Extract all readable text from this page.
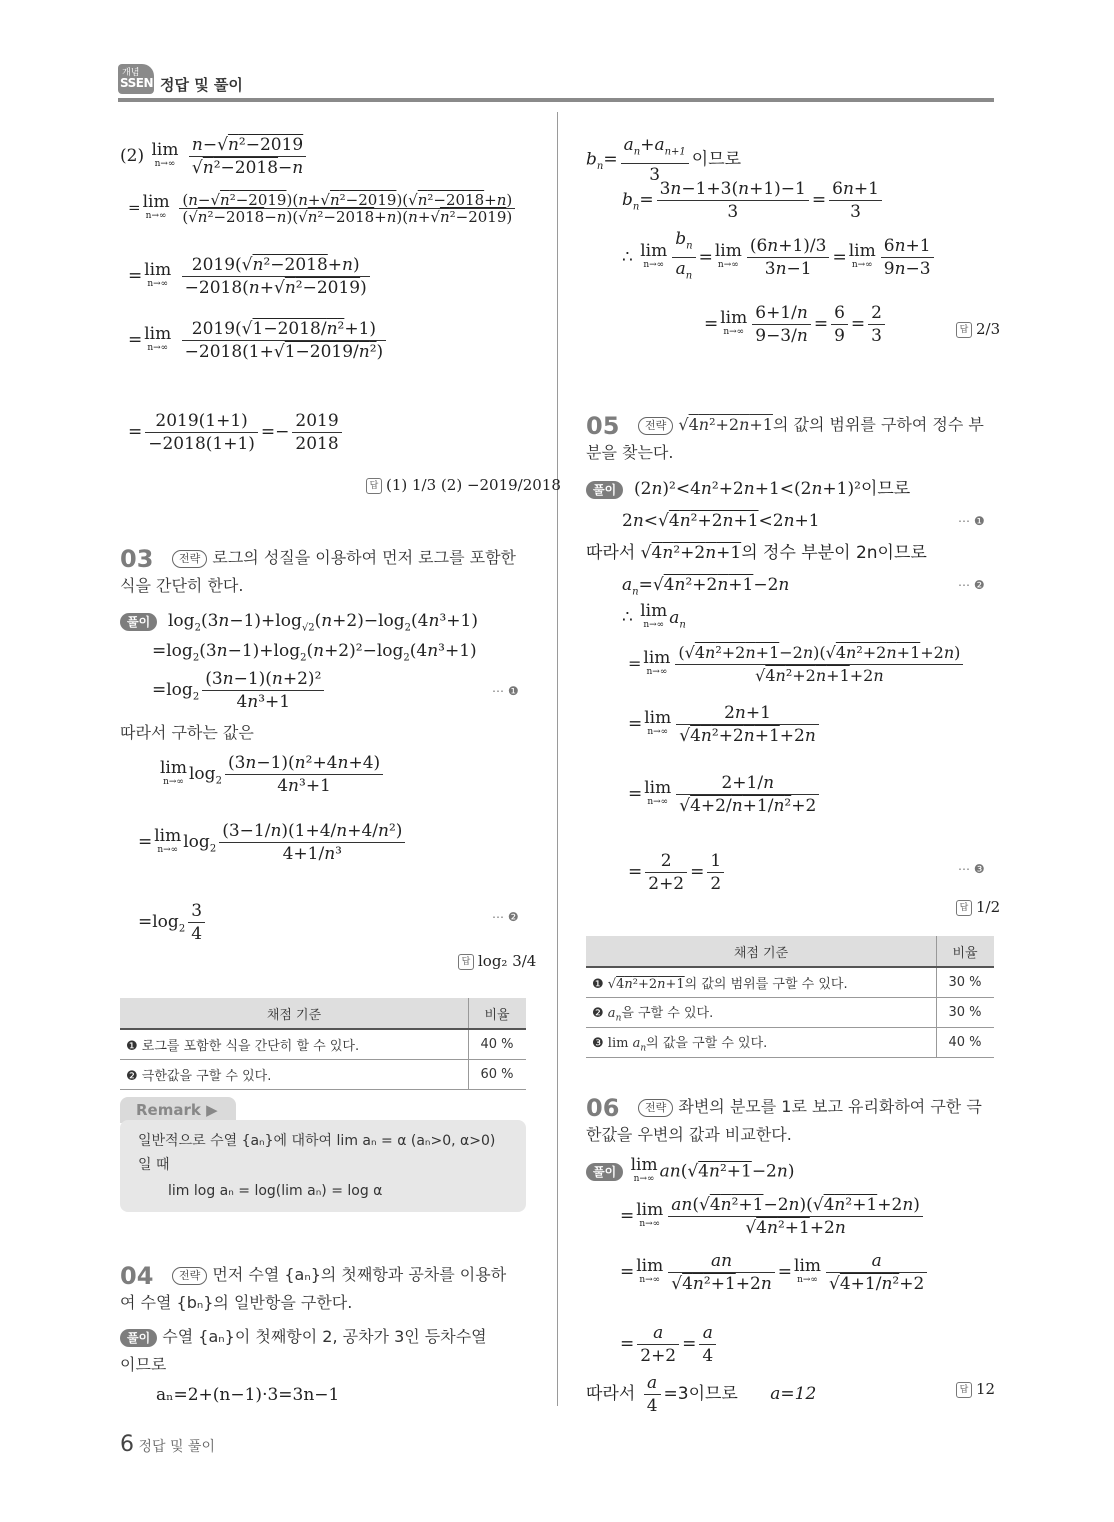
개념
SSEN 정답 및 풀이
(2) lim
n→∞
$\frac{\text{n−√n²−2019}}{\text{√n²−2018−n}}$
= lim
n→∞
$\frac{\text{(n−√n²−2019)(n+√n²−2019)(√n²−2018+n)}}{\text{(√n²−2018−n)(√n²−2018+n)(n+√n²−2019)}}$
= lim
n→∞
$\frac{\text{2019(√n²−2018+n)}}{\text{−2018(n+√n²−2019)}}$
= lim
n→∞
$\frac{\text{2019(√1−2018/n²+1)}}{\text{−2018(1+√1−2019/n²)}}$
= $\frac{2019(1+1)}{-2018(1+1)} =- \frac{2019}{2018}$
답 (1) 1/3 (2) −2019/2018
03	전략 로그의 성질을 이용하여 먼저 로그를 포함한
식을 간단히 한다.
풀이  $\log_2(3n-1)+\log_{√2}(n+2)-\log_2(4n^3+1)$
$=\log_2(3n-1)+\log_2(n+2)^2-\log_2(4n^3+1)$
$=\log_2 \frac{\text{(3n−1)(n+2)²}}{\text{4n³+1}}$	⋯ ❶
따라서 구하는 값은
lim
n→∞ $\log_2 \frac{\text{(3n−1)(n²+4n+4)}}{\text{4n³+1}}$
= lim
n→∞ $\log_2 \frac{\text{(3−1/n)(1+4/n+4/n²)}}{\text{4+1/n³}}$
$=\log_2 \frac{3}{4}$	⋯ ❷
답 log₂ 3/4
채점 기준	비율
❶ 로그를 포함한 식을 간단히 할 수 있다.	40 %
❷ 극한값을 구할 수 있다.	60 %
Remark ▶
일반적으로 수열 {aₙ}에 대하여 lim aₙ = α (aₙ>0, α>0)
일 때
lim log aₙ = log(lim aₙ) = log α
04	전략 먼저 수열 {aₙ}의 첫째항과 공차를 이용하
여 수열 {bₙ}의 일반항을 구한다.
풀이 수열 {aₙ}이 첫째항이 2, 공차가 3인 등차수열
이므로
aₙ=2+(n−1)·3=3n−1
$b_n= \frac{a_n+a_{n+1}}{3}$ 이므로
$b_n= \frac{3n-1+3(n+1)-1}{3} = \frac{6n+1}{3}$
∴ lim
$n\to\infty \frac{b_n}{a_n} = \lim$
$n\to\infty \frac{(6n+1)/3}{3n-1} = \lim$
$n\to\infty \frac{6n+1}{9n-3}$
= lim
$n\to\infty \frac{6+1/n}{9-3/n} = \frac{6}{9} = \frac{2}{3}$	답 2/3
05	전략 √4n²+2n+1의 값의 범위를 구하여 정수 부
분을 찾는다.
풀이  (2n)²<4n²+2n+1<(2n+1)²이므로
2n<√4n²+2n+1<2n+1	⋯ ❶
따라서 √4n²+2n+1의 정수 부분이 2n이므로
$a_n=√4n^2+2n+1-2n$	⋯ ❷
∴ lim
n→∞ $a_n$
= lim
$n\to\infty \frac{\text{(√4n²+2n+1−2n)(√4n²+2n+1+2n)}}{\text{√4n²+2n+1+2n}}$
= lim
$n\to\infty \frac{2n+1}{\text{√4n²+2n+1+2n}}$
= lim
$n\to\infty \frac{2+1/n}{\text{√4+2/n+1/n²+2}}$
= $\frac{2}{2+2} = \frac{1}{2}$	⋯ ❸
답 1/2
채점 기준	비율
❶ √4n²+2n+1의 값의 범위를 구할 수 있다.	30 %
❷ $a_n$을 구할 수 있다.	30 %
❸ $\lim a_n$의 값을 구할 수 있다.	40 %
06	전략 좌변의 분모를 1로 보고 유리화하여 구한 극
한값을 우변의 값과 비교한다.
풀이 lim
n→∞ an(√4n²+1−2n)
= lim
$n\to\infty \frac{\text{an(√4n²+1−2n)(√4n²+1+2n)}}{\text{√4n²+1+2n}}$
= lim
$n\to\infty \frac{an}{\text{√4n²+1+2n}} = \lim$
$n\to\infty \frac{a}{\text{√4+1/n²+2}}$
= $\frac{a}{2+2} = \frac{a}{4}$
따라서 $\frac{a}{4} =3$이므로 a=12	답 12
6 정답 및 풀이
